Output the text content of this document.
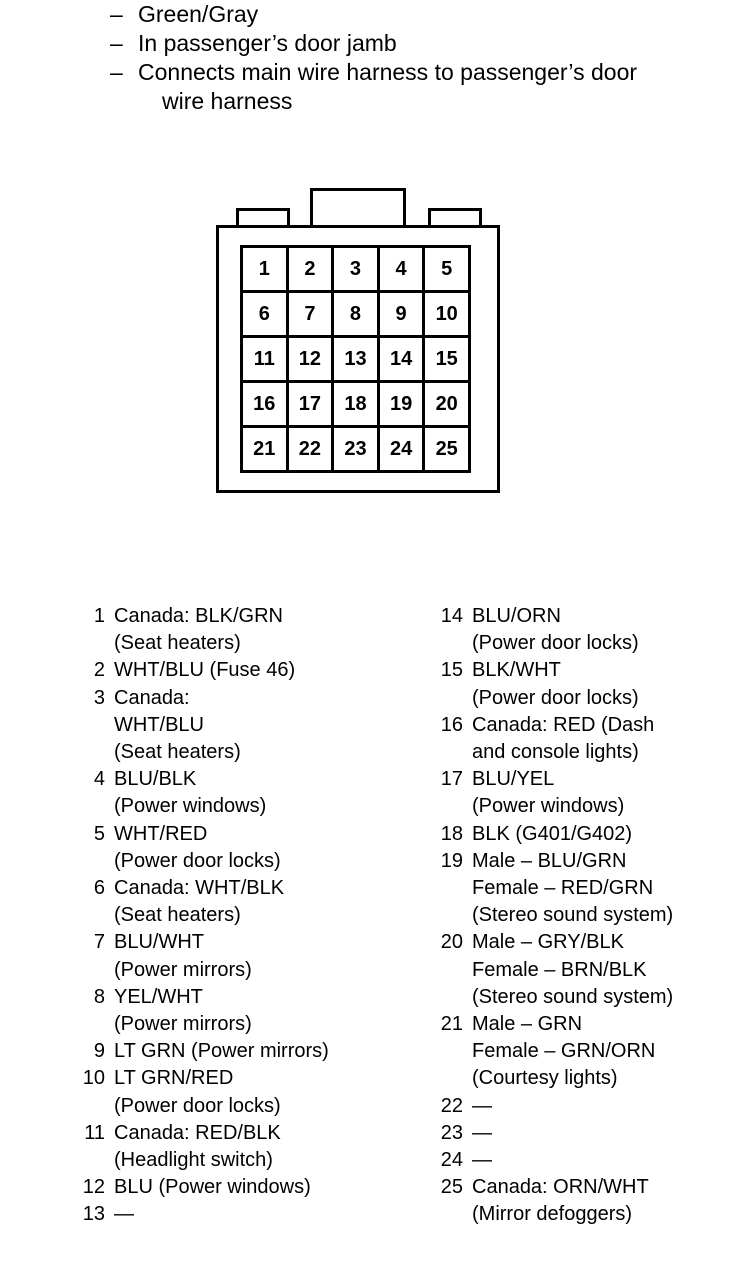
– Green/Gray
– In passenger’s door jamb
– Connects main wire harness to passenger’s door
wire harness
1	2	3	4	5
6	7	8	9	10
11	12	13	14	15
16	17	18	19	20
21	22	23	24	25
1 Canada: BLK/GRN
(Seat heaters)
2 WHT/BLU (Fuse 46)
3 Canada:
WHT/BLU
(Seat heaters)
4 BLU/BLK
(Power windows)
5 WHT/RED
(Power door locks)
6 Canada: WHT/BLK
(Seat heaters)
7 BLU/WHT
(Power mirrors)
8 YEL/WHT
(Power mirrors)
9 LT GRN (Power mirrors)
10 LT GRN/RED
(Power door locks)
11 Canada: RED/BLK
(Headlight switch)
12 BLU (Power windows)
13 —
14 BLU/ORN
(Power door locks)
15 BLK/WHT
(Power door locks)
16 Canada: RED (Dash
and console lights)
17 BLU/YEL
(Power windows)
18 BLK (G401/G402)
19 Male – BLU/GRN
Female – RED/GRN
(Stereo sound system)
20 Male – GRY/BLK
Female – BRN/BLK
(Stereo sound system)
21 Male – GRN
Female – GRN/ORN
(Courtesy lights)
22 —
23 —
24 —
25 Canada: ORN/WHT
(Mirror defoggers)
